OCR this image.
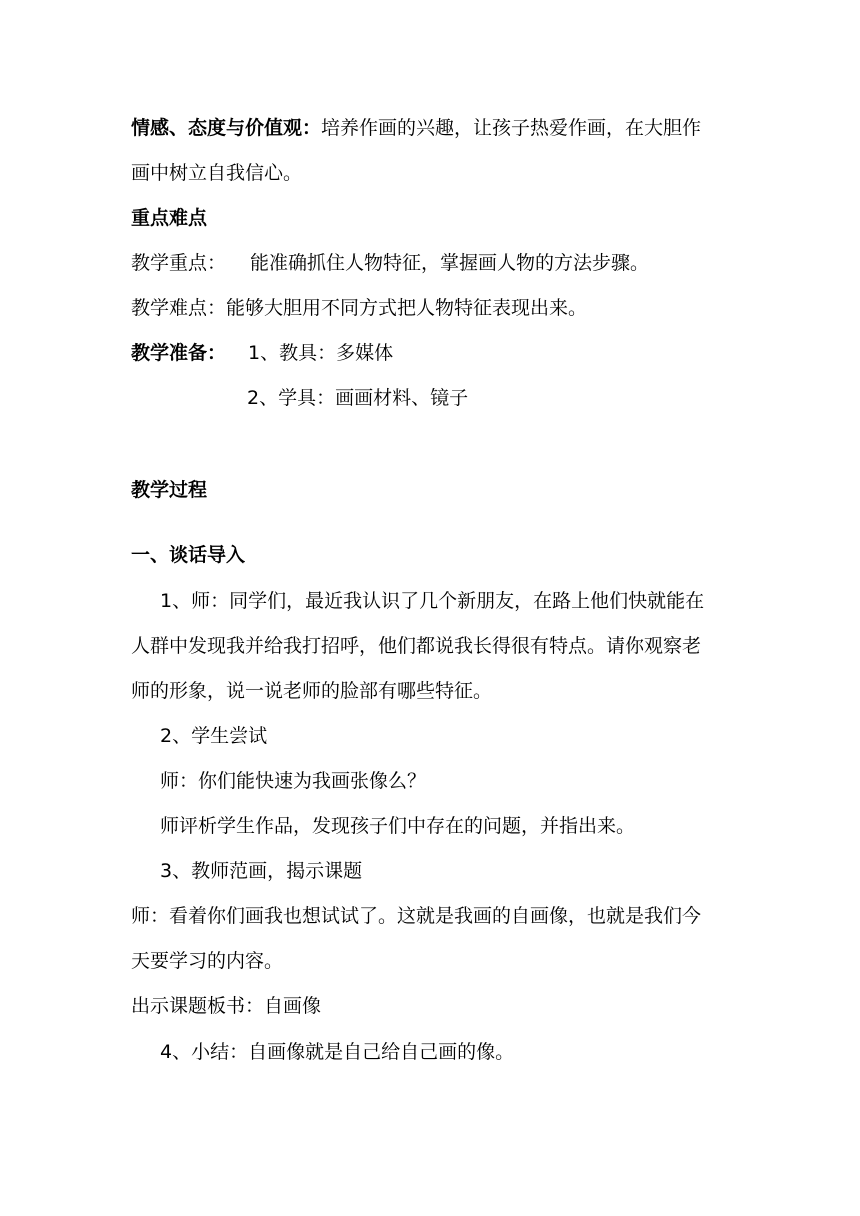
情感、态度与价值观：培养作画的兴趣，让孩子热爱作画，在大胆作
画中树立自我信心。
重点难点
教学重点： 能准确抓住人物特征，掌握画人物的方法步骤。
教学难点：能够大胆用不同方式把人物特征表现出来。
教学准备： 1、教具：多媒体
2、学具：画画材料、镜子
教学过程
一、谈话导入
1、师：同学们，最近我认识了几个新朋友，在路上他们快就能在
人群中发现我并给我打招呼，他们都说我长得很有特点。请你观察老
师的形象，说一说老师的脸部有哪些特征。
2、学生尝试
师：你们能快速为我画张像么？
师评析学生作品，发现孩子们中存在的问题，并指出来。
3、教师范画，揭示课题
师：看着你们画我也想试试了。这就是我画的自画像，也就是我们今
天要学习的内容。
出示课题板书：自画像
4、小结：自画像就是自己给自己画的像。
